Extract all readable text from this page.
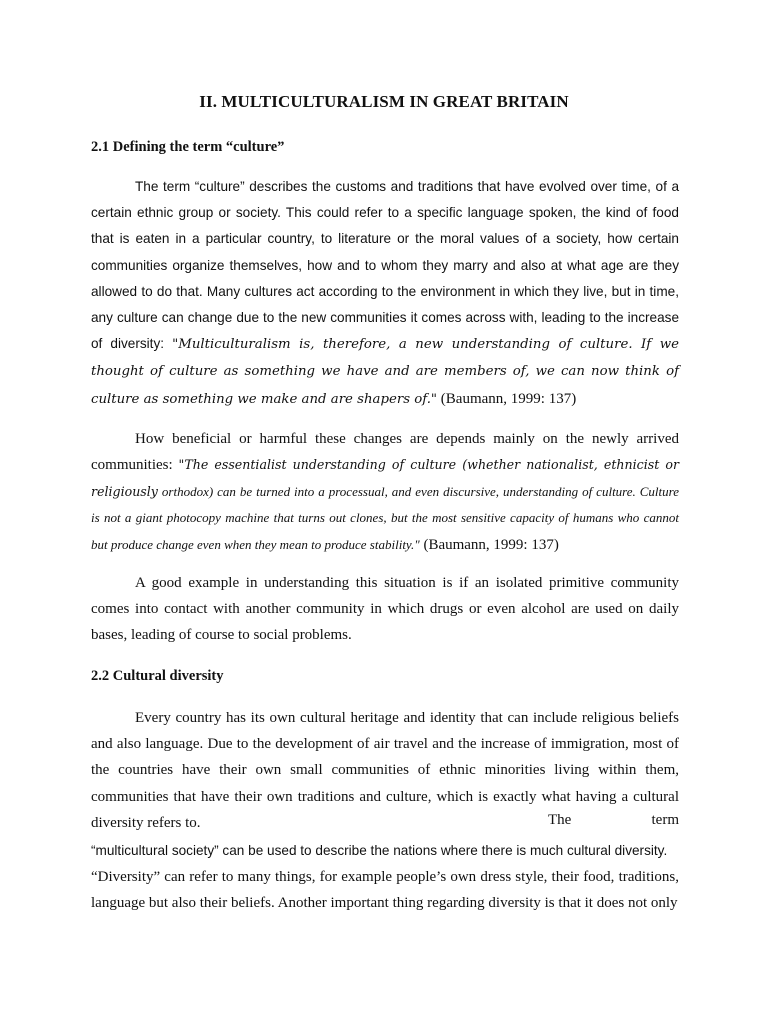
II. MULTICULTURALISM IN GREAT BRITAIN
2.1 Defining the term “culture”

The term “culture” describes the customs and traditions that have evolved over time, of a certain ethnic group or society. This could refer to a specific language spoken, the kind of food that is eaten in a particular country, to literature or the moral values of a society, how certain communities organize themselves, how and to whom they marry and also at what age are they allowed to do that. Many cultures act according to the environment in which they live, but in time, any culture can change due to the new communities it comes across with, leading to the increase of diversity: "Multiculturalism is, therefore, a new understanding of culture. If we thought of culture as something we have and are members of, we can now think of culture as something we make and are shapers of." (Baumann, 1999: 137)

How beneficial or harmful these changes are depends mainly on the newly arrived communities: "The essentialist understanding of culture (whether nationalist, ethnicist or religiously orthodox) can be turned into a processual, and even discursive, understanding of culture. Culture is not a giant photocopy machine that turns out clones, but the most sensitive capacity of humans who cannot but produce change even when they mean to produce stability." (Baumann, 1999: 137)

A good example in understanding this situation is if an isolated primitive community comes into contact with another community in which drugs or even alcohol are used on daily bases, leading of course to social problems.

2.2 Cultural diversity

Every country has its own cultural heritage and identity that can include religious beliefs and also language. Due to the development of air travel and the increase of immigration, most of the countries have their own small communities of ethnic minorities living within them, communities that have their own traditions and culture, which is exactly what having a cultural diversity refers to.	The term

“multicultural society” can be used to describe the nations where there is much cultural diversity.
“Diversity” can refer to many things, for example people’s own dress style, their food, traditions, language but also their beliefs. Another important thing regarding diversity is that it does not only
